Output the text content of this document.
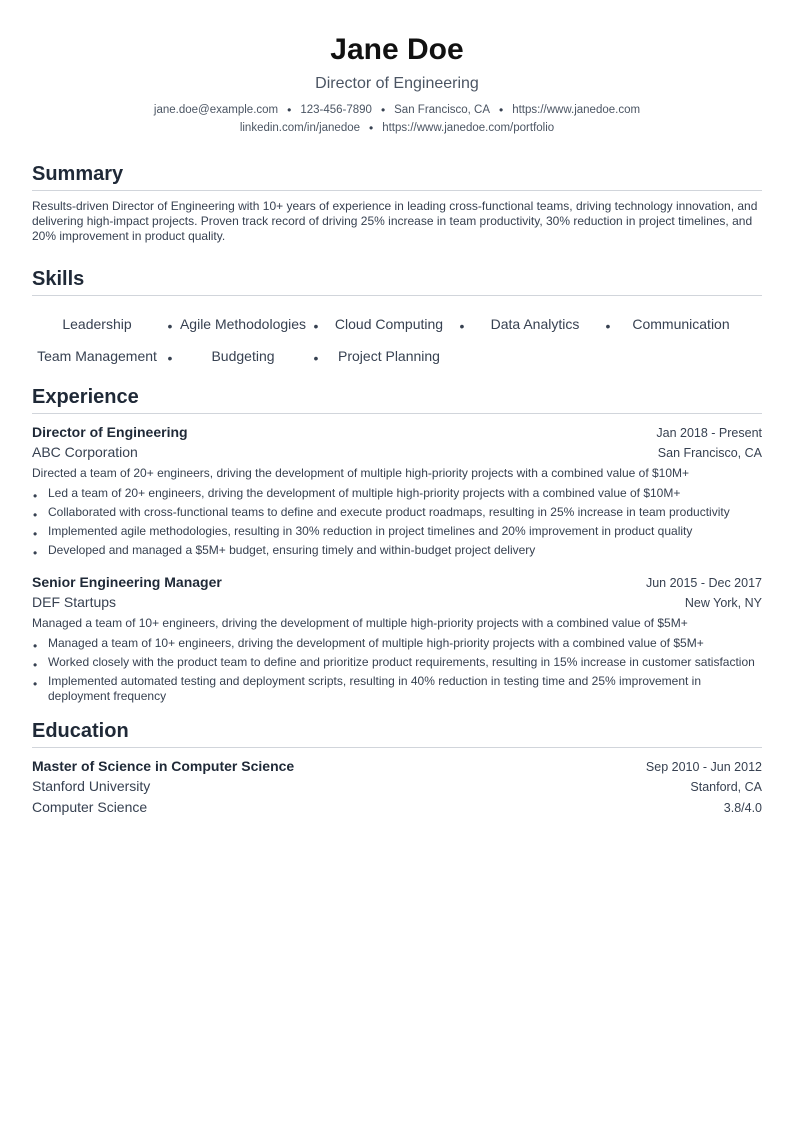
Jane Doe
Director of Engineering
jane.doe@example.com • 123-456-7890 • San Francisco, CA • https://www.janedoe.com
linkedin.com/in/janedoe • https://www.janedoe.com/portfolio
Summary
Results-driven Director of Engineering with 10+ years of experience in leading cross-functional teams, driving technology innovation, and delivering high-impact projects. Proven track record of driving 25% increase in team productivity, 30% reduction in project timelines, and 20% improvement in product quality.
Skills
Leadership	• Agile Methodologies •	Cloud Computing	•	Data Analytics	•	Communication
Team Management •	Budgeting	•	Project Planning
Experience
Director of Engineering	Jan 2018 - Present
ABC Corporation	San Francisco, CA
Directed a team of 20+ engineers, driving the development of multiple high-priority projects with a combined value of $10M+
• Led a team of 20+ engineers, driving the development of multiple high-priority projects with a combined value of $10M+
• Collaborated with cross-functional teams to define and execute product roadmaps, resulting in 25% increase in team productivity
• Implemented agile methodologies, resulting in 30% reduction in project timelines and 20% improvement in product quality
• Developed and managed a $5M+ budget, ensuring timely and within-budget project delivery
Senior Engineering Manager	Jun 2015 - Dec 2017
DEF Startups	New York, NY
Managed a team of 10+ engineers, driving the development of multiple high-priority projects with a combined value of $5M+
• Managed a team of 10+ engineers, driving the development of multiple high-priority projects with a combined value of $5M+
• Worked closely with the product team to define and prioritize product requirements, resulting in 15% increase in customer satisfaction
• Implemented automated testing and deployment scripts, resulting in 40% reduction in testing time and 25% improvement in deployment frequency
Education
Master of Science in Computer Science	Sep 2010 - Jun 2012
Stanford University	Stanford, CA
Computer Science	3.8/4.0
